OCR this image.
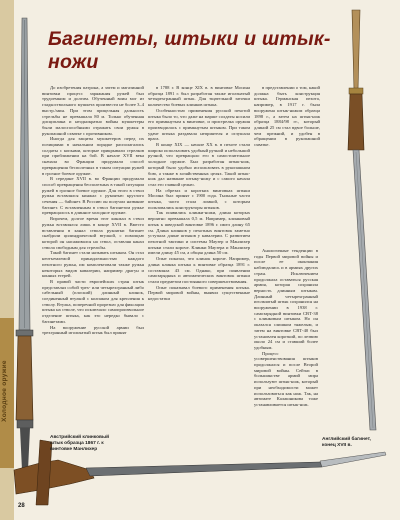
Холодное оружие
Багинеты, штыки и штык-ножи

До изобретения патрона, а затем и магазинной винтовки процесс заряжания ружей был трудоемким и долгим. Обученный воин мог из гладкоствольного мушкета произвести не более 3–4 выстр./мин. При этом прицельная дальность стрельбы не превышала 80 м. Только обученная дисциплина и неоднократно войны мушкетеры были малоспособными отражать свои ружья в рукопашной схватке с противником.

Иногда для защиты мушкетеров перед их позициями в начальном порядке располагались солдаты с копьями, которые прикрывали стрелков при приближении на бой. В начале XVII века сначала во Франции придумали способ превращения бесполезных в таком ситуации ружей в грозное боевое оружие.

В середине XVII в. во Франции придумали способ превращения бесполезных в такой ситуации ружей в грозное боевое оружие. Для этого в ствол ружья вставлялся кинжал с рукоятью круглого сечения — байонет. В Россию он получил название багинет. С вставленным в ствол багинетом ружье превращалось в длинное холодное оружие.

Впрочем, долгое время этот кинжал в ствол ружья вставлялся лишь в конце XVII в. Вместо вставления в канал ствола рукоятки багинет снабдили цилиндрической втулкой, с помощью которой он насаживался на ствол, оставляя канал ствола свободным для стрельбы.

Такой багинет стали называть штыком. Он стал неотъемлемой принадлежностью каждого пехотного ружья, им комплектовали также ружья некоторых видов кавалерии, например драгун и конных егерей.

В правой части европейских стран штык представлял собой трех- или четырехгранный либо сабельный (плоский) длинный клинок, соединенный втулкой с колпаком для крепления к стволу. Втулка, поперечной прорезью для фиксации штыка на стволе, что исключало самопроизвольное отделение штыка, как это нередко бывало с багинетами.

На вооружение русской армии был трехгранный игольчатый штык был принят

в 1788 г. В конце XIX в. в винтовке Мосина образца 1891 г. был разработан также игольчатый четырехгранный штык. Для тщательной заточки количество боевых клинков штыка.

Особенностью применения русской пехотой штыка было то, что даже на марше солдаты носили его примкнутым к винтовке, и пристрелка оружия производилась с примкнутым штыком. При таком удаче штыка раздавала неприятеля и оглушала врага.

В конце XIX — начале XX в. в пехоте стали широко использовать удобный ручной и небольшой ручной, что превращало его в самостоятельное холодное оружие. Был разработан штык-нож, который было удобно использовать в рукопашном бою, а также в хозяйственных целях. Такой штык-нож дал название штыку-ножу и с самого начала стал его главной целью.

На обрезах и коротких винтовках штыки Мосина был принят с 1900 года. Тыльные части штыка, часто стала ломкой, с которым пользовались конструкторы штыков.

Так появились клинки-ножи, длина которых вероятно превышала 0,5 м. Например, клинковый штык к шведской винтовке 1896 г. имел длину 65 см. Длина клинков у пехотных винтовок заметно уступала длине штыков у кавалерии. С развитием пехотной тактики и системы Маузер и Манлихер штыки стали короче. Клинки Маузера и Манлихер имели длину 45 см, а общая длина 50 см.

Опыт показал, что клинок короче. Например, длина клинка штыка к винтовке образца 1891 г. составляла 43 см. Однако, при появлении самозарядных и автоматических винтовок штыки стали предметом постоянного совершенствования.

Опыт показывал боевого применения штыка. Первой мировой войны, выявил существенные недостатки

в представлении о том, какой должна быть конструкция штыка. Германская пехота, например, в 1917 г. была вооружена штык-ножом образца 1898 г., а затем на штык-нож образца 1884/98 гг., который длиной 25 см стал вдвое больше, чем прежний, и удобен в обращении в рукопашной схватке.

Аналогичные тенденции в годы Первой мировой войны и после ее окончания наблюдались и в армиях других стран. Исключением продолжала оставаться русская армия, которая сохранила верность длинным штыкам. Длинный четырехгранный игольчатый штык сохранился на вооружении в 1938 г. самозарядной винтовки СВТ-38 с клинковым штыком. Но он оказался слишком тяжелым, и затем на винтовке СВТ-40 был установлен короткий, по лезвию около 24 см и ставший более удобным.

Процесс усовершенствования штыков продолжался и после Второй мировой войны. Сейчас в большинстве армий мира используют штык-нож, который при необходимости может использоваться как нож. Так, на автомате Калашникова тоже устанавливается штык-нож.

Австрийский клинковый штык образца 1867 г. к винтовке Манлихер
Английский багинет, конец XVII в.
28
